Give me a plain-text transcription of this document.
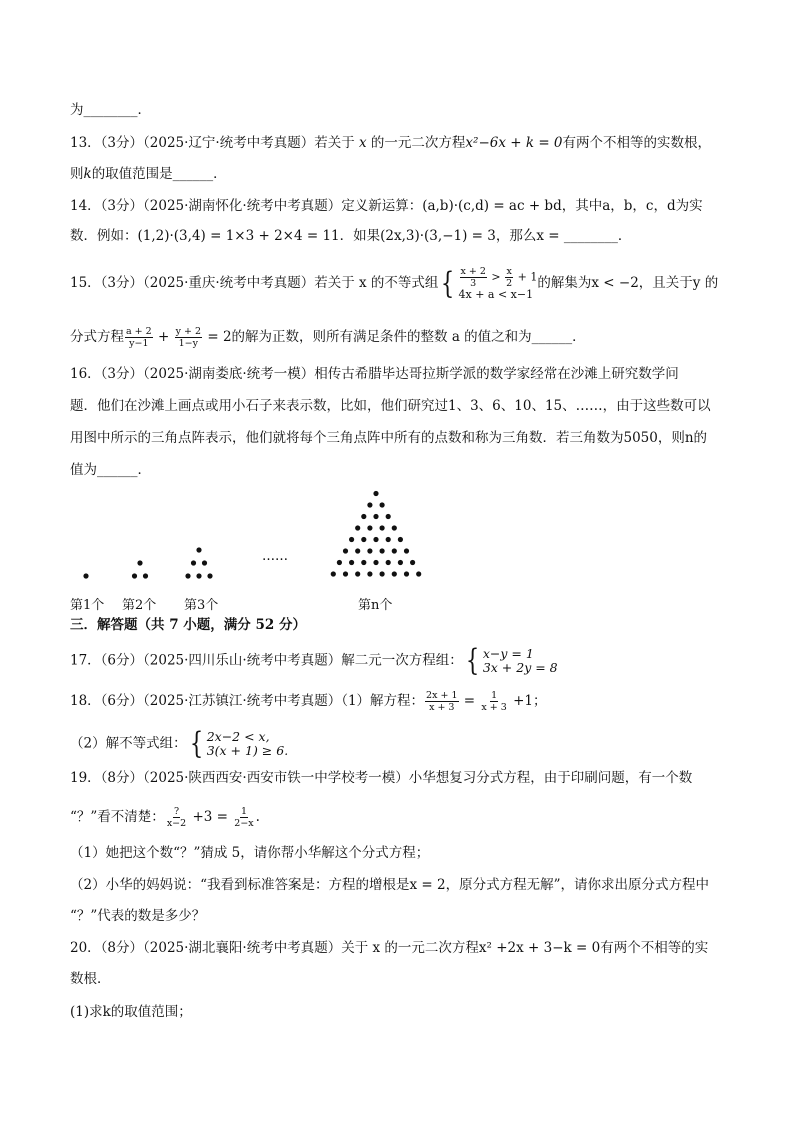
为________．
13．（3分）（2025·辽宁·统考中考真题）若关于 x 的一元二次方程x²−6x + k = 0有两个不相等的实数根，
则k的取值范围是______．
14．（3分）（2025·湖南怀化·统考中考真题）定义新运算：(a,b)·(c,d) = ac + bd，其中a，b，c，d为实
数．例如：(1,2)·(3,4) = 1×3 + 2×4 = 11．如果(2x,3)·(3,−1) = 3，那么x = ________．
15．（3分）（2025·重庆·统考中考真题）若关于 x 的不等式组 { $\frac{x + 2}{3} > \frac{x}{2} + 1$
4x + a < x−1
的解集为x < −2，且关于y 的
分式方程 $\frac{a + 2}{y-1} + \frac{y + 2}{1-y} = 2$的解为正数，则所有满足条件的整数 a 的值之和为______．
16．（3分）（2025·湖南娄底·统考一模）相传古希腊毕达哥拉斯学派的数学家经常在沙滩上研究数学问
题．他们在沙滩上画点或用小石子来表示数，比如，他们研究过1、3、6、10、15、……，由于这些数可以
用图中所示的三角点阵表示，他们就将每个三角点阵中所有的点数和称为三角数．若三角数为5050，则n的
值为______．
……
第1个 第2个 第3个	第n个
三．解答题（共 7 小题，满分 52 分）
17．（6分）（2025·四川乐山·统考中考真题）解二元一次方程组： { x−y = 1
3x + 2y = 8
18．（6分）（2025·江苏镇江·统考中考真题）（1）解方程： $\frac{2x + 1}{x + 3} = \frac{1}{x + 3} +1$；
（2）解不等式组： { 2x−2 < x,
3(x + 1) ≥ 6.
19．（8分）（2025·陕西西安·西安市铁一中学校考一模）小华想复习分式方程，由于印刷问题，有一个数
“？”看不清楚： $\frac{?}{x-2} +3 = \frac{1}{2-x}$ .
（1）她把这个数“？”猜成 5，请你帮小华解这个分式方程；
（2）小华的妈妈说：“我看到标准答案是：方程的增根是x = 2，原分式方程无解”，请你求出原分式方程中
“？”代表的数是多少？
20．（8分）（2025·湖北襄阳·统考中考真题）关于 x 的一元二次方程x² +2x + 3−k = 0有两个不相等的实
数根．
(1)求k的取值范围；
